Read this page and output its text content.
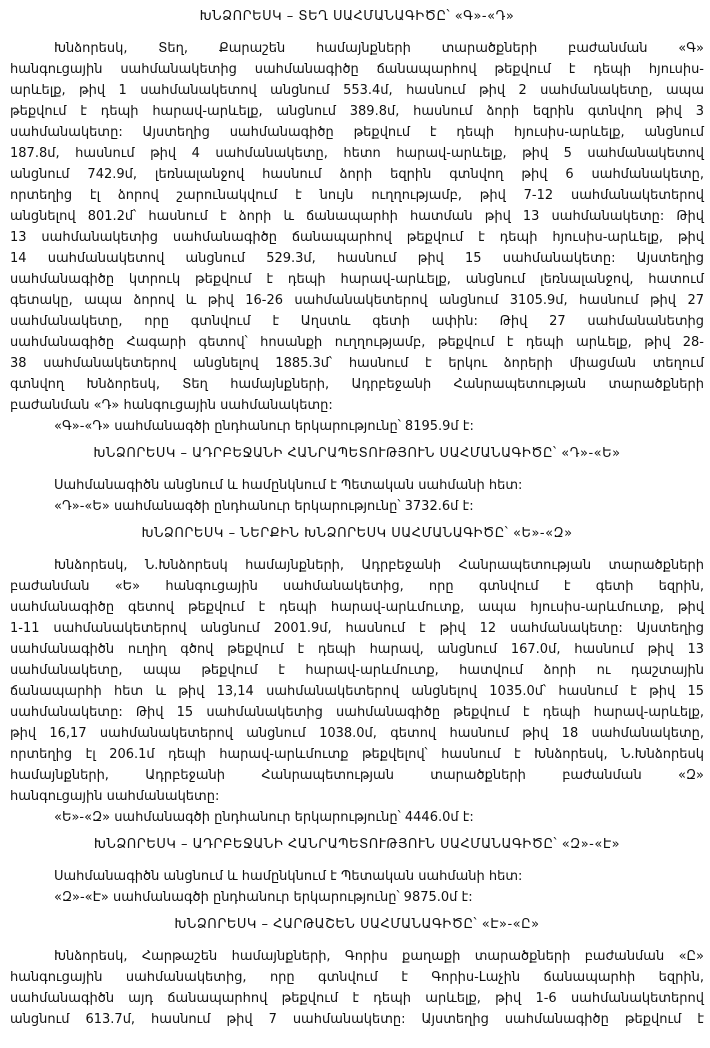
ԽՆՁՈՐԵՍԿ – ՏԵՂ ՍԱՀՄԱՆԱԳԻԾԸ՝ «Գ»-«Դ»
Խնձորեսկ, Տեղ, Քարաշեն համայնքների տարածքների բաժանման «Գ»
հանգուցային սահմանակետից սահմանագիծը ճանապարհով թեքվում է դեպի հյուսիս-
արևելք, թիվ 1 սահմանակետով անցնում 553.4մ, հասնում թիվ 2 սահմանակետը, ապա
թեքվում է դեպի հարավ-արևելք, անցնում 389.8մ, հասնում ձորի եզրին գտնվող թիվ 3
սահմանակետը: Այստեղից սահմանագիծը թեքվում է դեպի հյուսիս-արևելք, անցնում
187.8մ, հասնում թիվ 4 սահմանակետը, հետո հարավ-արևելք, թիվ 5 սահմանակետով
անցնում 742.9մ, լեռնալանջով հասնում ձորի եզրին գտնվող թիվ 6 սահմանակետը,
որտեղից էլ ձորով շարունակվում է նույն ուղղությամբ, թիվ 7-12 սահմանակետերով
անցնելով 801.2մ՝ հասնում է ձորի և ճանապարհի հատման թիվ 13 սահմանակետը: Թիվ
13 սահմանակետից սահմանագիծը ճանապարհով թեքվում է դեպի հյուսիս-արևելք, թիվ
14 սահմանակետով անցնում 529.3մ, հասնում թիվ 15 սահմանակետը: Այստեղից
սահմանագիծը կտրուկ թեքվում է դեպի հարավ-արևելք, անցնում լեռնալանջով, հատում
գետակը, ապա ձորով և թիվ 16-26 սահմանակետերով անցնում 3105.9մ, հասնում թիվ 27
սահմանակետը, որը գտնվում է Աղստև գետի ափին: Թիվ 27 սահմանանետից
սահմանագիծը Հագարի գետով՝ հոսանքի ուղղությամբ, թեքվում է դեպի արևելք, թիվ 28-
38 սահմանակետերով անցնելով 1885.3մ՝ հասնում է երկու ձորերի միացման տեղում
գտնվող Խնձորեսկ, Տեղ համայնքների, Ադրբեջանի Հանրապետության տարածքների
բաժանման «Դ» հանգուցային սահմանակետը:
«Գ»-«Դ» սահմանագծի ընդհանուր երկարությունը՝ 8195.9մ է:
ԽՆՁՈՐԵՍԿ – ԱԴՐԲԵՋԱՆԻ ՀԱՆՐԱՊԵՏՈՒԹՅՈՒՆ ՍԱՀՄԱՆԱԳԻԾԸ՝ «Դ»-«Ե»
Սահմանագիծն անցնում և համընկնում է Պետական սահմանի հետ:
«Դ»-«Ե» սահմանագծի ընդհանուր երկարությունը՝ 3732.6մ է:
ԽՆՁՈՐԵՍԿ – ՆԵՐՔԻՆ ԽՆՁՈՐԵՍԿ ՍԱՀՄԱՆԱԳԻԾԸ՝ «Ե»-«Զ»
Խնձորեսկ, Ն.Խնձորեսկ համայնքների, Ադրբեջանի Հանրապետության տարածքների
բաժանման «Ե» հանգուցային սահմանակետից, որը գտնվում է գետի եզրին,
սահմանագիծը գետով թեքվում է դեպի հարավ-արևմուտք, ապա հյուսիս-արևմուտք, թիվ
1-11 սահմանակետերով անցնում 2001.9մ, հասնում է թիվ 12 սահմանակետը: Այստեղից
սահմանագիծն ուղիղ գծով թեքվում է դեպի հարավ, անցնում 167.0մ, հասնում թիվ 13
սահմանակետը, ապա թեքվում է հարավ-արևմուտք, հատվում ձորի ու դաշտային
ճանապարհի հետ և թիվ 13,14 սահմանակետերով անցնելով 1035.0մ՝ հասնում է թիվ 15
սահմանակետը: Թիվ 15 սահմանակետից սահմանագիծը թեքվում է դեպի հարավ-արևելք,
թիվ 16,17 սահմանակետերով անցնում 1038.0մ, գետով հասնում թիվ 18 սահմանակետը,
որտեղից էլ 206.1մ դեպի հարավ-արևմուտք թեքվելով՝ հասնում է Խնձորեսկ, Ն.Խնձորեսկ
համայնքների, Ադրբեջանի Հանրապետության տարածքների բաժանման «Զ»
հանգուցային սահմանակետը:
«Ե»-«Զ» սահմանագծի ընդհանուր երկարությունը՝ 4446.0մ է:
ԽՆՁՈՐԵՍԿ – ԱԴՐԲԵՋԱՆԻ ՀԱՆՐԱՊԵՏՈՒԹՅՈՒՆ ՍԱՀՄԱՆԱԳԻԾԸ՝ «Զ»-«Է»
Սահմանագիծն անցնում և համընկնում է Պետական սահմանի հետ:
«Զ»-«Է» սահմանագծի ընդհանուր երկարությունը՝ 9875.0մ է:
ԽՆՁՈՐԵՍԿ – ՀԱՐԹԱՇԵՆ ՍԱՀՄԱՆԱԳԻԾԸ՝ «Է»-«Ը»
Խնձորեսկ, Հարթաշեն համայնքների, Գորիս քաղաքի տարածքների բաժանման «Ը»
հանգուցային սահմանակետից, որը գտնվում է Գորիս-Լաչին ճանապարհի եզրին,
սահմանագիծն այդ ճանապարհով թեքվում է դեպի արևելք, թիվ 1-6 սահմանակետերով
անցնում 613.7մ, հասնում թիվ 7 սահմանակետը: Այստեղից սահմանագիծը թեքվում է
